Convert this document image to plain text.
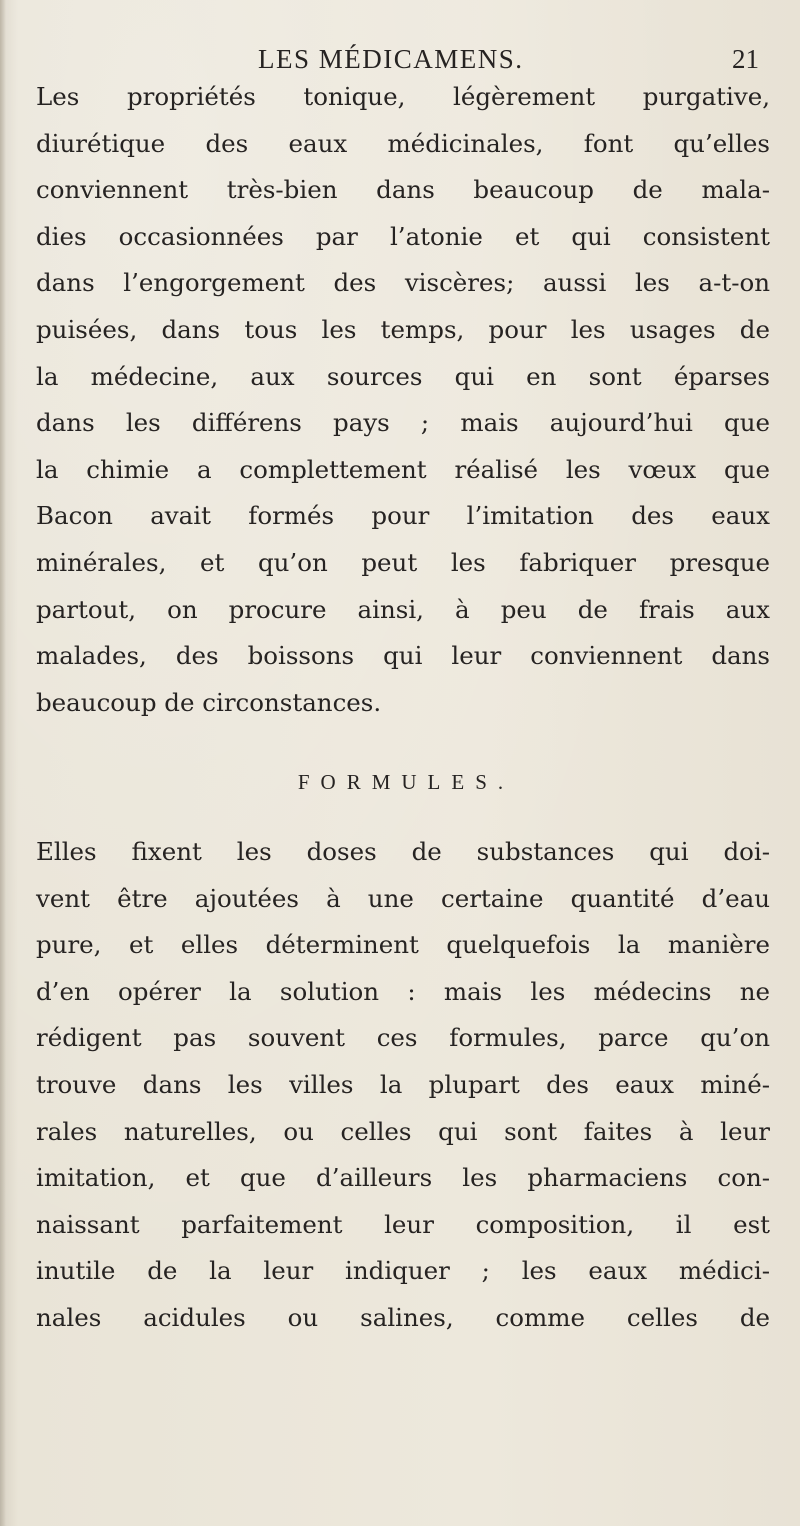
LES MÉDICAMENS.	21
Les propriétés tonique, légèrement purgative,
diurétique des eaux médicinales, font qu’elles
conviennent très-bien dans beaucoup de mala-
dies occasionnées par l’atonie et qui consistent
dans l’engorgement des viscères; aussi les a-t-on
puisées, dans tous les temps, pour les usages de
la médecine, aux sources qui en sont éparses
dans les différens pays ; mais aujourd’hui que
la chimie a complettement réalisé les vœux que
Bacon avait formés pour l’imitation des eaux
minérales, et qu’on peut les fabriquer presque
partout, on procure ainsi, à peu de frais aux
malades, des boissons qui leur conviennent dans
beaucoup de circonstances.
FORMULES.
Elles fixent les doses de substances qui doi-
vent être ajoutées à une certaine quantité d’eau
pure, et elles déterminent quelquefois la manière
d’en opérer la solution : mais les médecins ne
rédigent pas souvent ces formules, parce qu’on
trouve dans les villes la plupart des eaux miné-
rales naturelles, ou celles qui sont faites à leur
imitation, et que d’ailleurs les pharmaciens con-
naissant parfaitement leur composition, il est
inutile de la leur indiquer ; les eaux médici-
nales acidules ou salines, comme celles de
